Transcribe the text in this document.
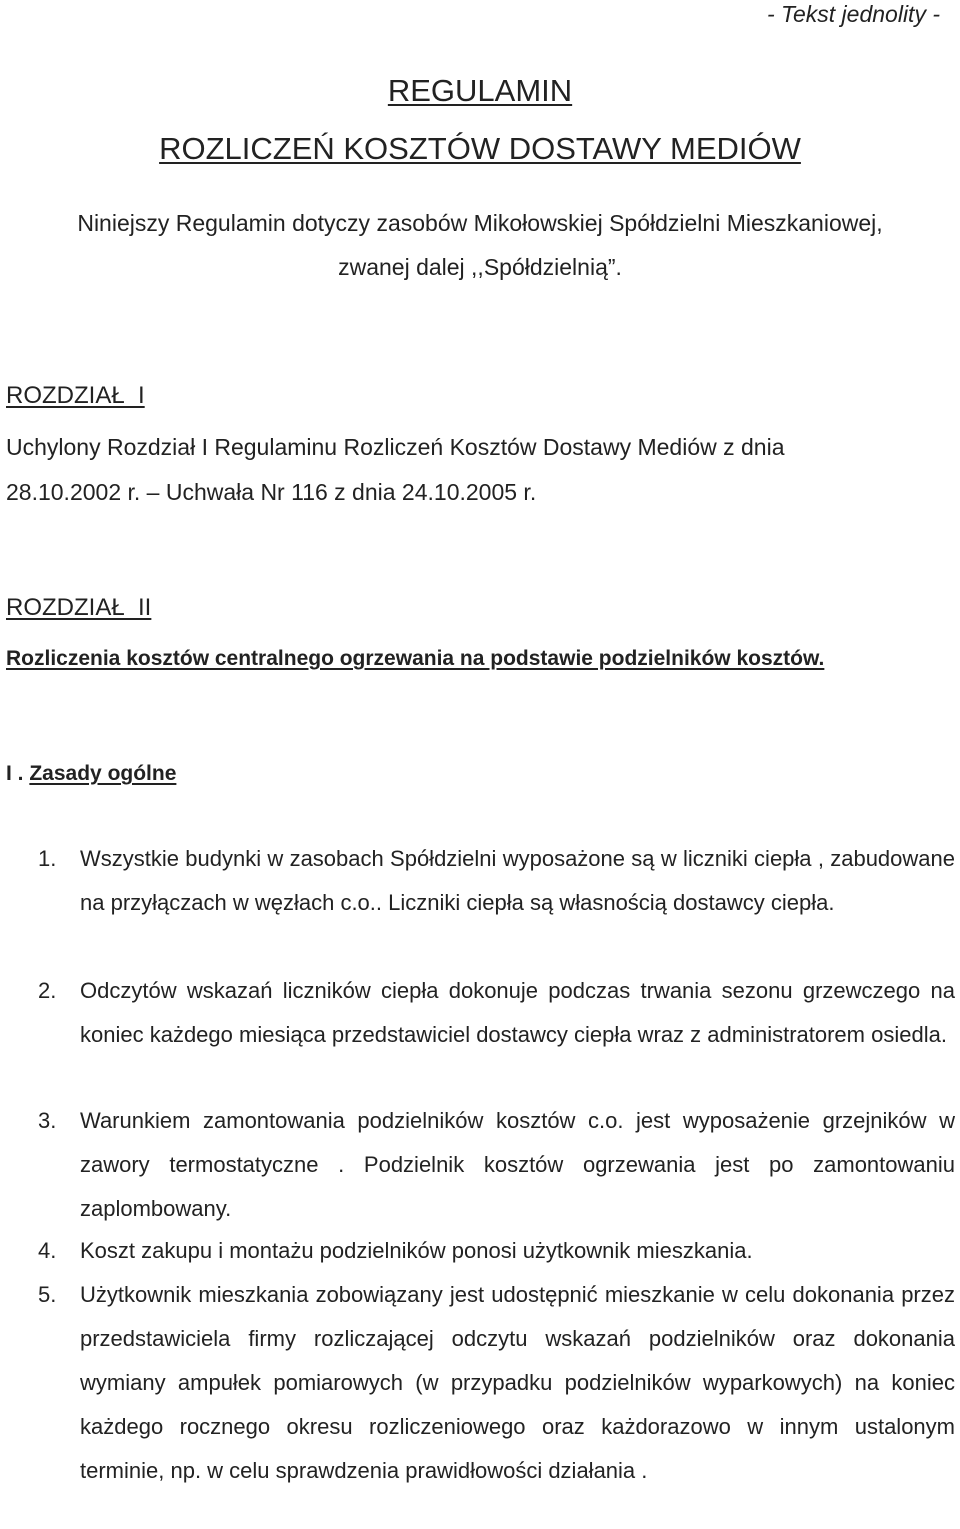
- Tekst jednolity -
REGULAMIN
ROZLICZEŃ KOSZTÓW DOSTAWY MEDIÓW
Niniejszy Regulamin dotyczy zasobów Mikołowskiej Spółdzielni Mieszkaniowej,
zwanej dalej ,,Spółdzielnią”.
ROZDZIAŁ  I
Uchylony Rozdział I Regulaminu Rozliczeń Kosztów Dostawy Mediów z dnia
28.10.2002 r. – Uchwała Nr 116 z dnia 24.10.2005 r.
ROZDZIAŁ  II
Rozliczenia kosztów centralnego ogrzewania na podstawie podzielników kosztów.
I . Zasady ogólne
1. Wszystkie budynki w zasobach Spółdzielni wyposażone są w liczniki ciepła , zabudowane na przyłączach w węzłach c.o.. Liczniki ciepła są własnością dostawcy ciepła.
2. Odczytów wskazań liczników ciepła dokonuje podczas trwania sezonu grzewczego na koniec każdego miesiąca przedstawiciel dostawcy ciepła wraz z administratorem osiedla.
3. Warunkiem zamontowania podzielników kosztów c.o. jest wyposażenie grzejników w zawory termostatyczne . Podzielnik kosztów ogrzewania jest po zamontowaniu zaplombowany.
4. Koszt zakupu i montażu podzielników ponosi użytkownik mieszkania.
5. Użytkownik mieszkania zobowiązany jest udostępnić mieszkanie w celu dokonania przez przedstawiciela firmy rozliczającej odczytu wskazań podzielników oraz dokonania wymiany ampułek pomiarowych (w przypadku podzielników wyparkowych) na koniec każdego rocznego okresu rozliczeniowego oraz każdorazowo w innym ustalonym terminie, np. w celu sprawdzenia prawidłowości działania .
